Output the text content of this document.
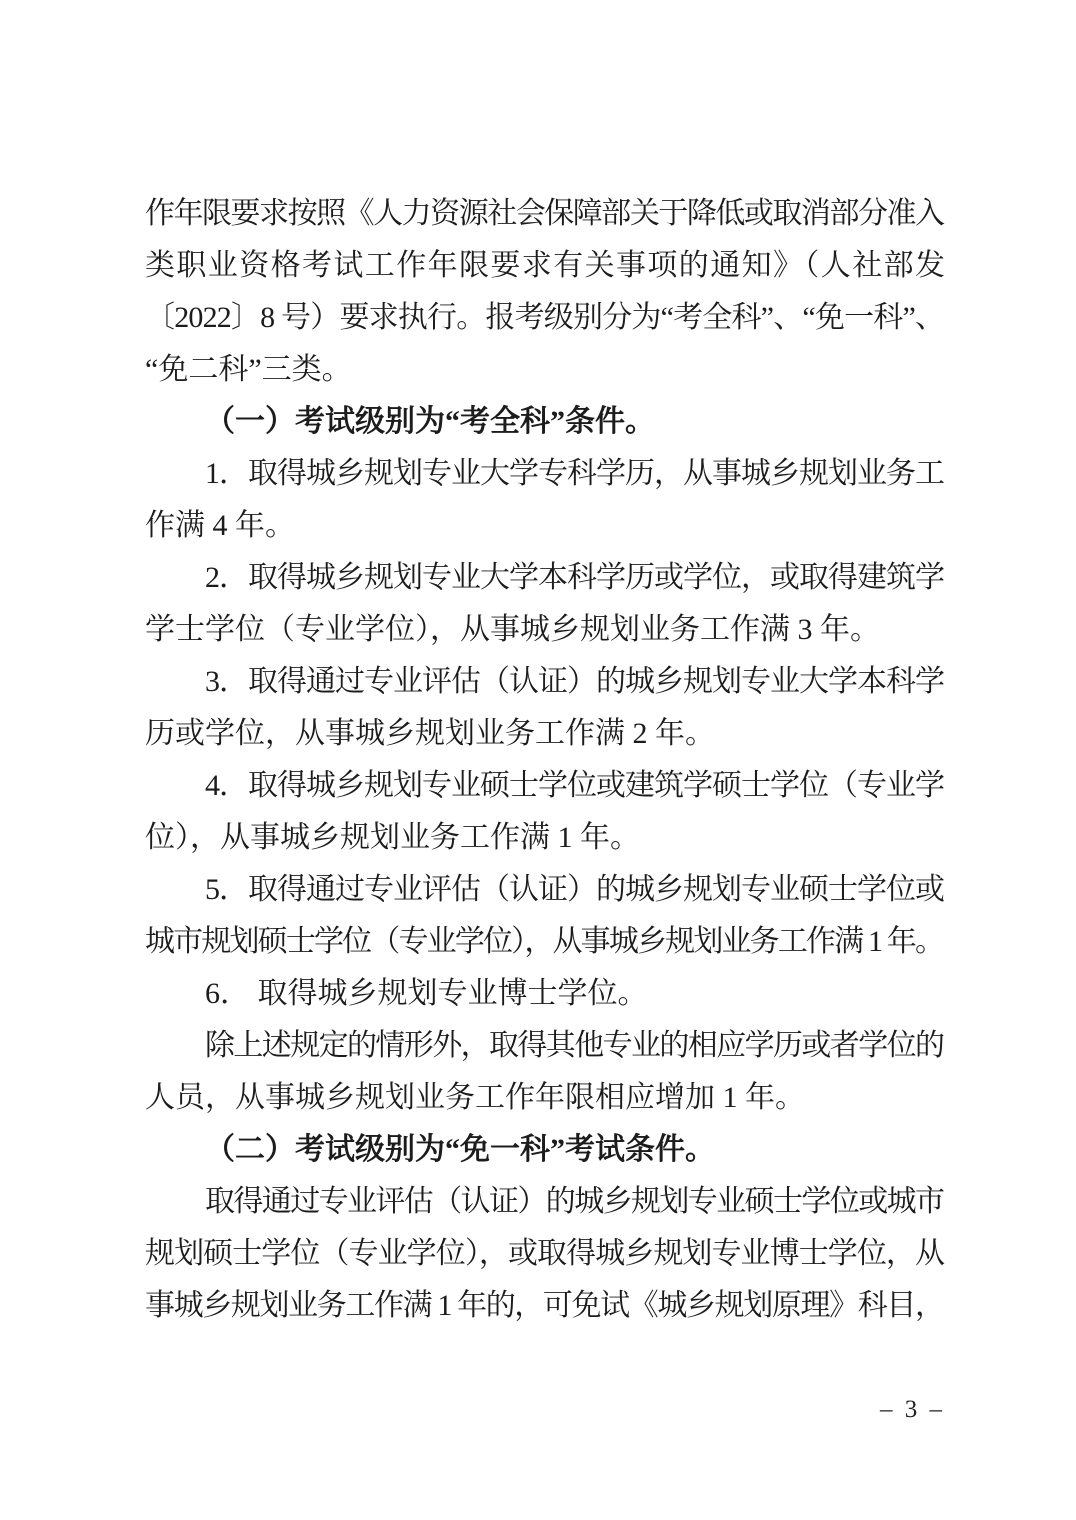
作年限要求按照《人力资源社会保障部关于降低或取消部分准入
类职业资格考试工作年限要求有关事项的通知》（人社部发
〔2022〕8 号）要求执行。报考级别分为“考全科”、“免一科”、
“免二科”三类。
（一）考试级别为“考全科”条件。
1．取得城乡规划专业大学专科学历，从事城乡规划业务工
作满 4 年。
2．取得城乡规划专业大学本科学历或学位，或取得建筑学
学士学位（专业学位），从事城乡规划业务工作满 3 年。
3．取得通过专业评估（认证）的城乡规划专业大学本科学
历或学位，从事城乡规划业务工作满 2 年。
4．取得城乡规划专业硕士学位或建筑学硕士学位（专业学
位），从事城乡规划业务工作满 1 年。
5．取得通过专业评估（认证）的城乡规划专业硕士学位或
城市规划硕士学位（专业学位），从事城乡规划业务工作满 1 年。
6． 取得城乡规划专业博士学位。
除上述规定的情形外，取得其他专业的相应学历或者学位的
人员，从事城乡规划业务工作年限相应增加 1 年。
（二）考试级别为“免一科”考试条件。
取得通过专业评估（认证）的城乡规划专业硕士学位或城市
规划硕士学位（专业学位），或取得城乡规划专业博士学位，从
事城乡规划业务工作满 1 年的，可免试《城乡规划原理》科目，
– 3 –
